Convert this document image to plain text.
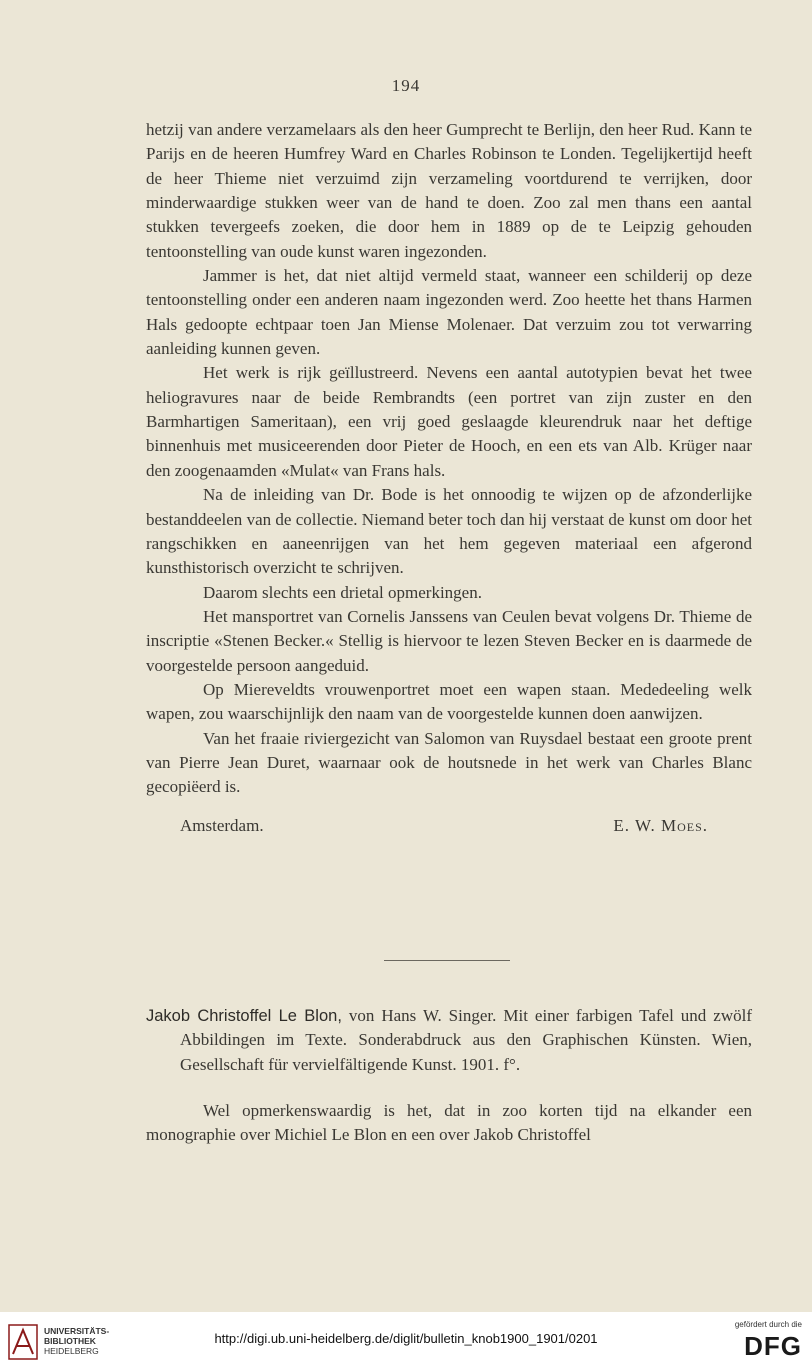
194

hetzij van andere verzamelaars als den heer Gumprecht te Berlijn, den heer Rud. Kann te Parijs en de heeren Humfrey Ward en Charles Robinson te Londen. Tegelijkertijd heeft de heer Thieme niet verzuimd zijn verzameling voortdurend te verrijken, door minderwaardige stukken weer van de hand te doen. Zoo zal men thans een aantal stukken tevergeefs zoeken, die door hem in 1889 op de te Leipzig gehouden tentoonstelling van oude kunst waren ingezonden.

Jammer is het, dat niet altijd vermeld staat, wanneer een schilderij op deze tentoonstelling onder een anderen naam ingezonden werd. Zoo heette het thans Harmen Hals gedoopte echtpaar toen Jan Miense Molenaer. Dat verzuim zou tot verwarring aanleiding kunnen geven.

Het werk is rijk geïllustreerd. Nevens een aantal autotypien bevat het twee heliogravures naar de beide Rembrandts (een portret van zijn zuster en den Barmhartigen Sameritaan), een vrij goed geslaagde kleurendruk naar het deftige binnenhuis met musiceerenden door Pieter de Hooch, en een ets van Alb. Krüger naar den zoogenaamden «Mulat« van Frans hals.

Na de inleiding van Dr. Bode is het onnoodig te wijzen op de afzonderlijke bestanddeelen van de collectie. Niemand beter toch dan hij verstaat de kunst om door het rangschikken en aaneenrijgen van het hem gegeven materiaal een afgerond kunsthistorisch overzicht te schrijven.

Daarom slechts een drietal opmerkingen.

Het mansportret van Cornelis Janssens van Ceulen bevat volgens Dr. Thieme de inscriptie «Stenen Becker.« Stellig is hiervoor te lezen Steven Becker en is daarmede de voorgestelde persoon aangeduid.

Op Miereveldts vrouwenportret moet een wapen staan. Mededeeling welk wapen, zou waarschijnlijk den naam van de voorgestelde kunnen doen aanwijzen.

Van het fraaie riviergezicht van Salomon van Ruysdael bestaat een groote prent van Pierre Jean Duret, waarnaar ook de houtsnede in het werk van Charles Blanc gecopiëerd is.

Amsterdam.	E. W. Moes.

Jakob Christoffel Le Blon, von Hans W. Singer. Mit einer farbigen Tafel und zwölf Abbildingen im Texte. Sonderabdruck aus den Graphischen Künsten. Wien, Gesellschaft für vervielfältigende Kunst. 1901. f°.

Wel opmerkenswaardig is het, dat in zoo korten tijd na elkander een monographie over Michiel Le Blon en een over Jakob Christoffel

UNIVERSITÄTS-
BIBLIOTHEK
HEIDELBERG
http://digi.ub.uni-heidelberg.de/diglit/bulletin_knob1900_1901/0201
gefördert durch die
DFG
